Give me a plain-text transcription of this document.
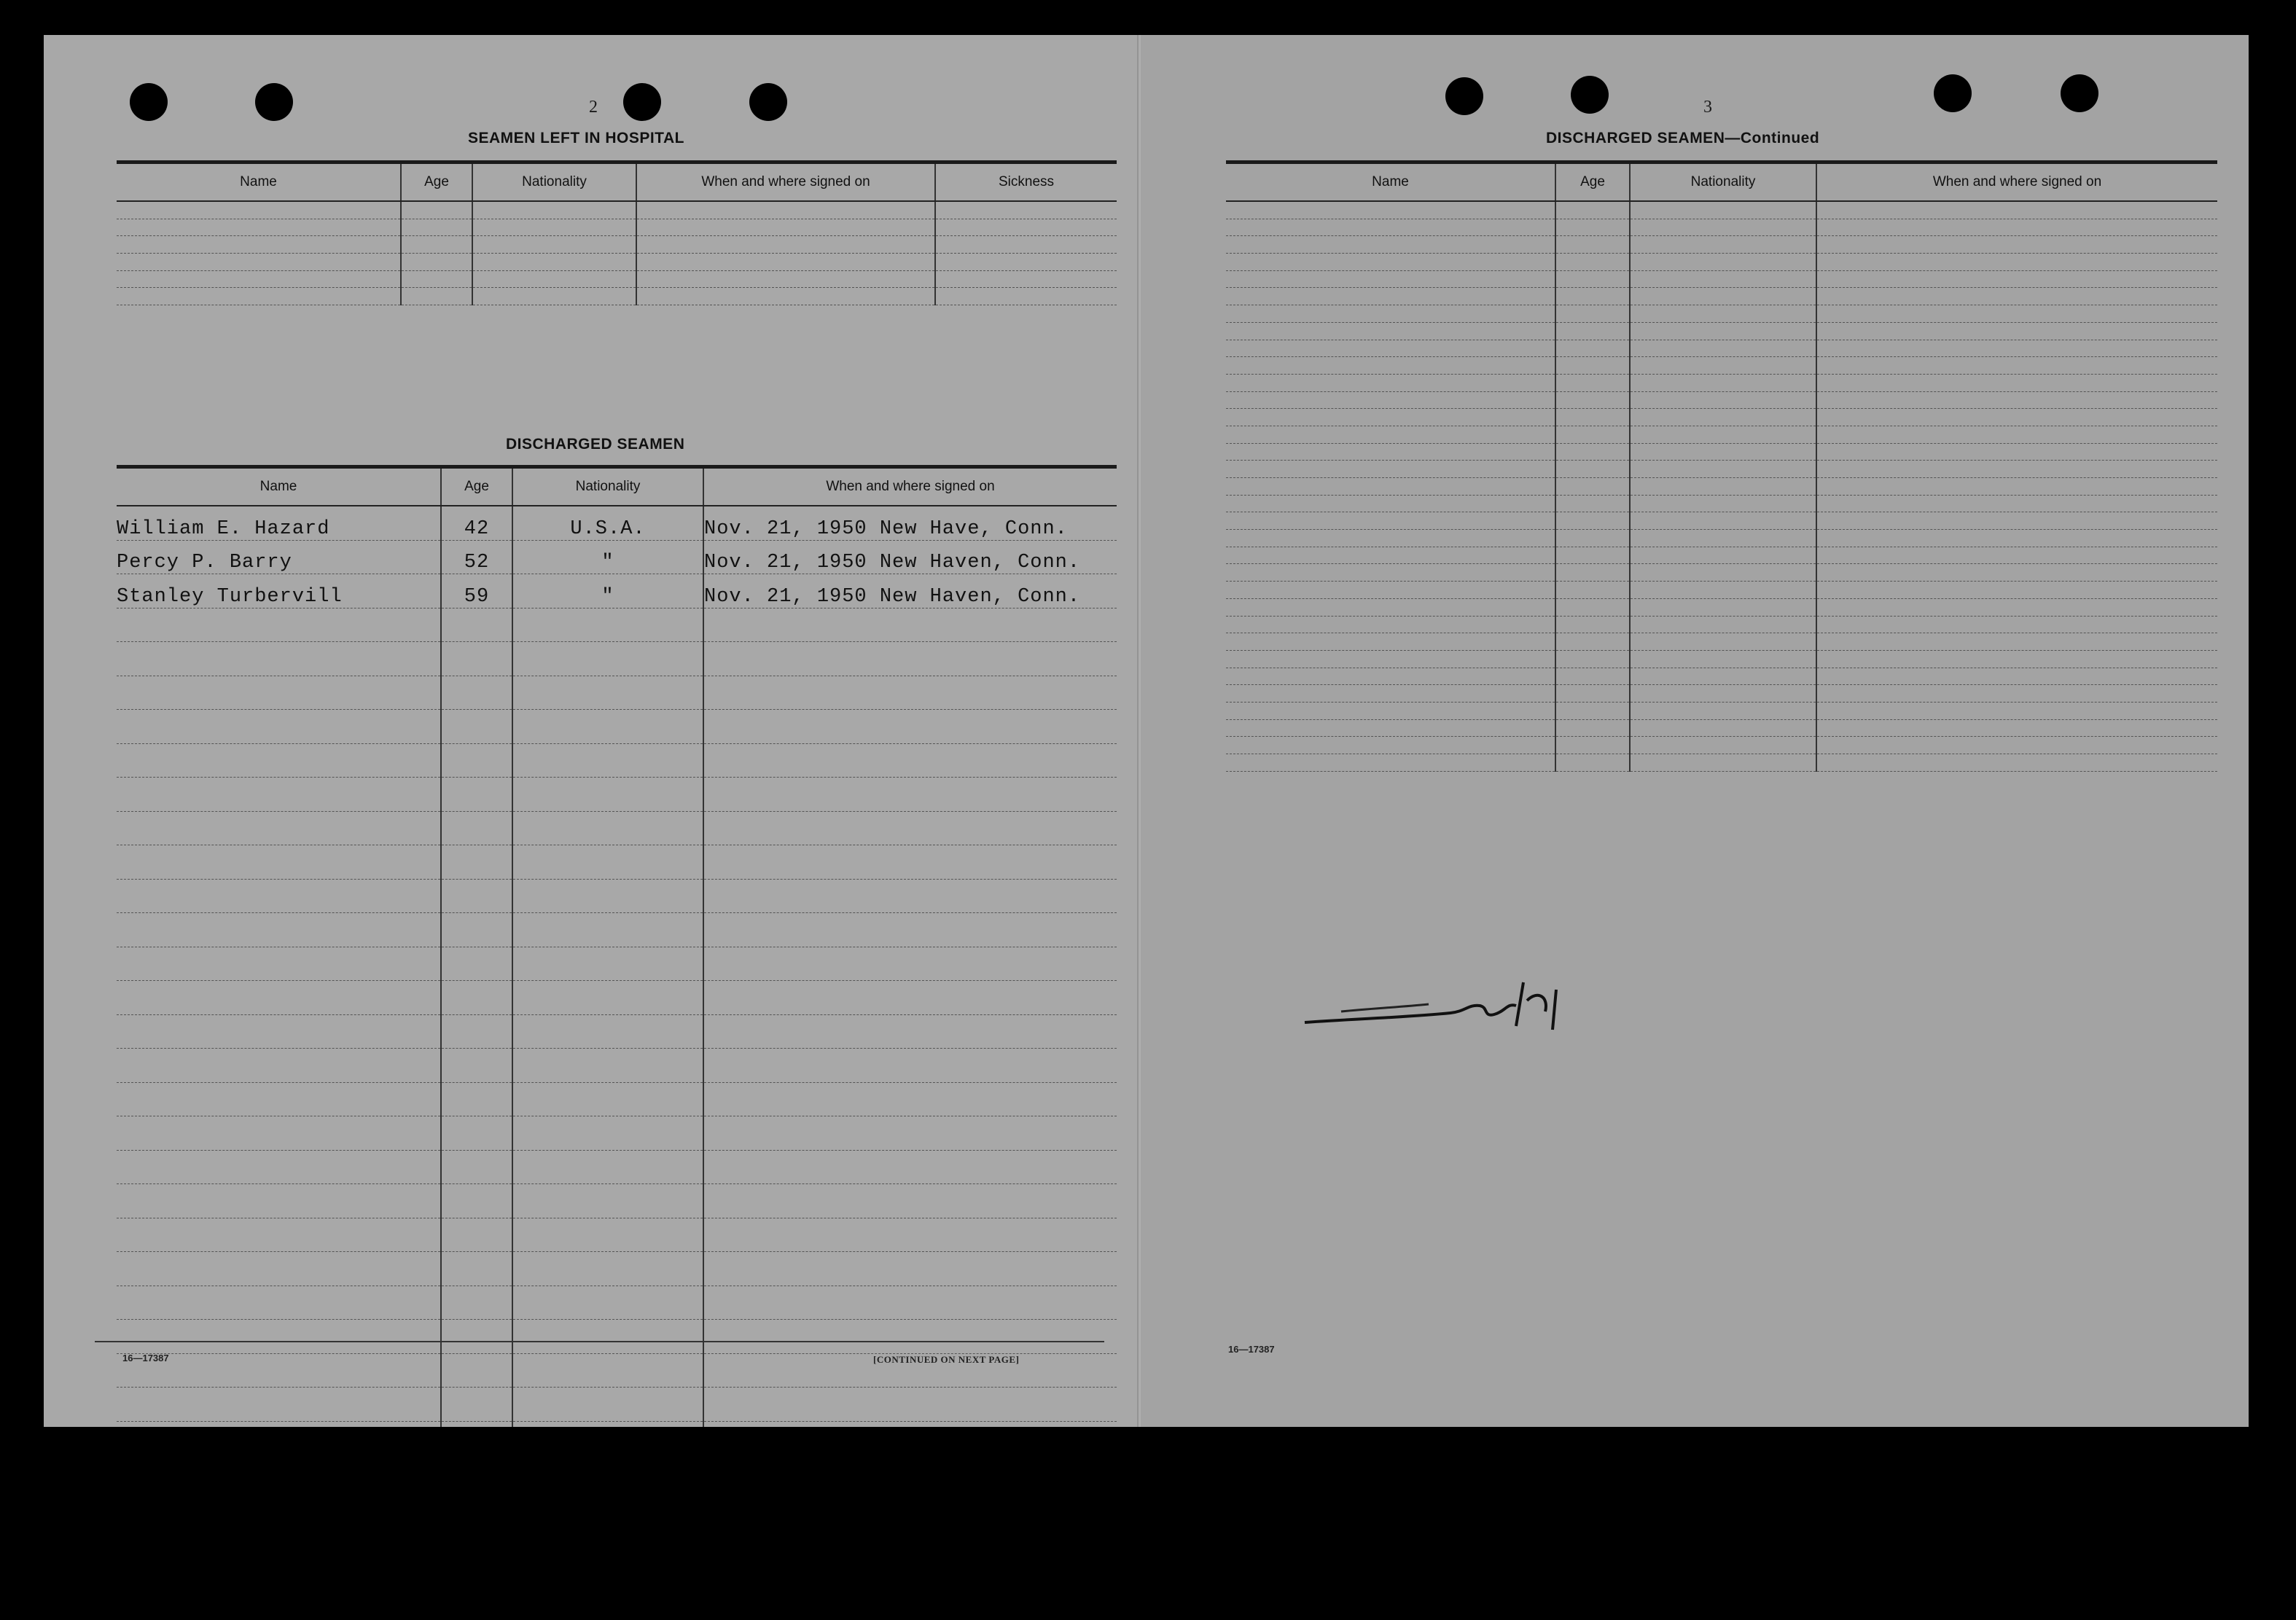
2
SEAMEN LEFT IN HOSPITAL
Name	Age	Nationality	When and where signed on	Sickness

DISCHARGED SEAMEN
Name	Age	Nationality	When and where signed on
William E. Hazard	42	U.S.A.	Nov. 21, 1950 New Have, Conn.
Percy P. Barry	52	"	Nov. 21, 1950 New Haven, Conn.
Stanley Turbervill	59	"	Nov. 21, 1950 New Haven, Conn.

16—17387	[CONTINUED ON NEXT PAGE]
3
DISCHARGED SEAMEN—Continued
Name	Age	Nationality	When and where signed on

16—17387
